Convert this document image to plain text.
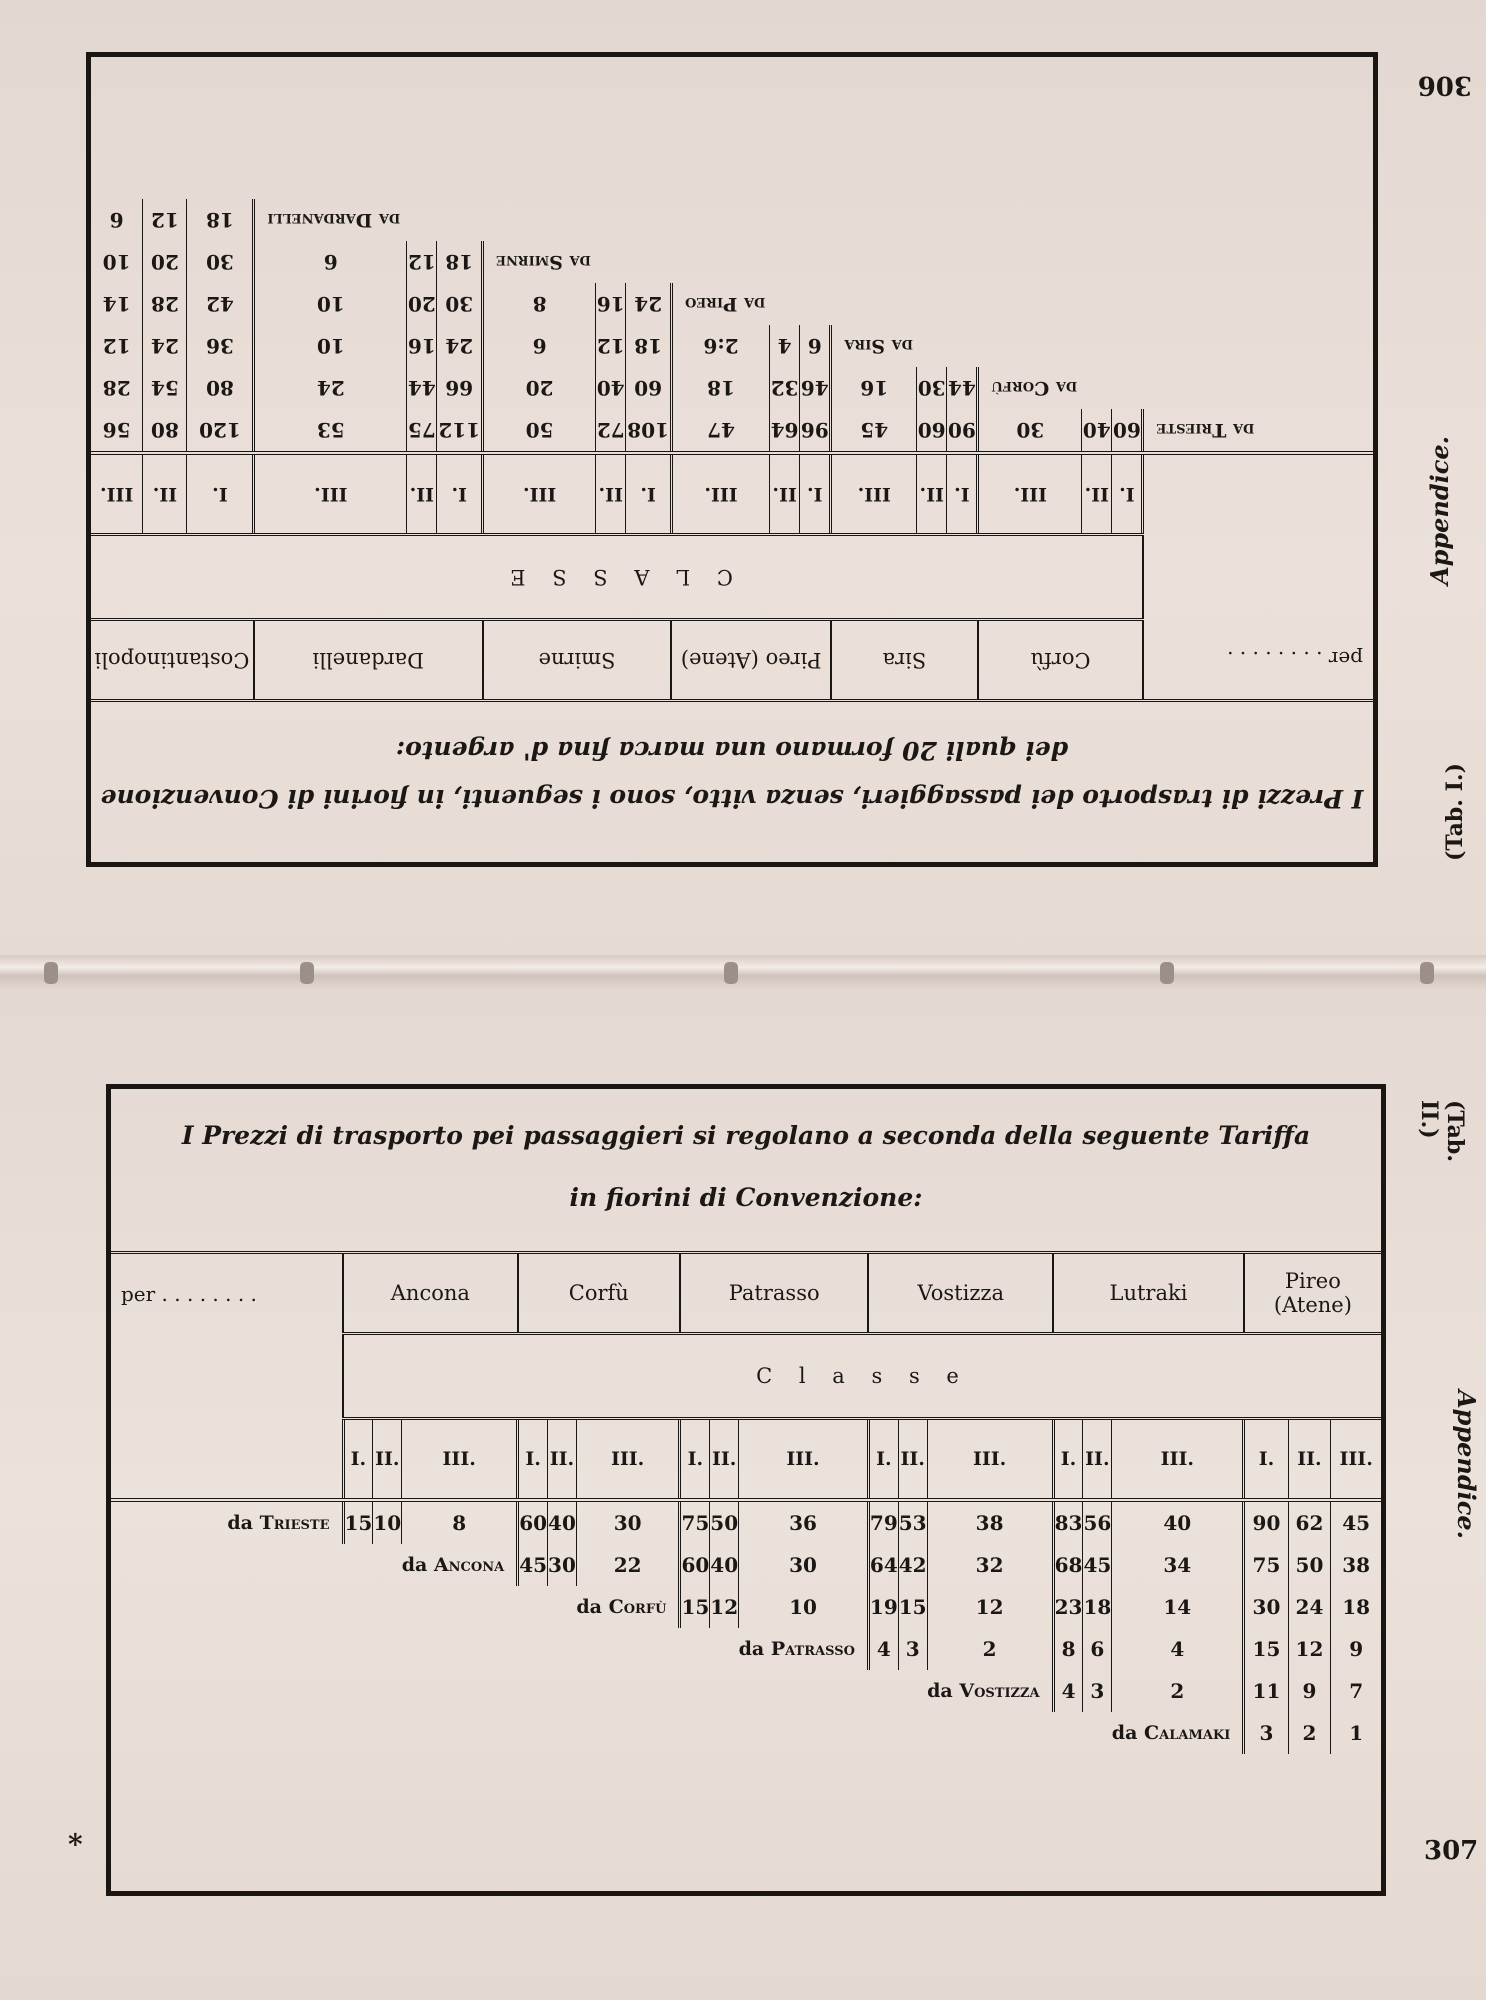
306
Appendice.
(Tab. I.)
I Prezzi di trasporto dei passaggieri, senza vitto, sono i seguenti, in fiorini di Convenzione
dei quali 20 formano una marca fina d' argento:
per . . . . . . . .	Corfù			Sira			Pireo (Atene)			Smirne			Dardanelli			Costantinopoli		
	C L A S S E																	
	I.	II.	III.	I.	II.	III.	I.	II.	III.	I.	II.	III.	I.	II.	III.	I.	II.	III.

da Trieste	60	40	30	90	60	45	96	64	47	108	72	50	112	75	53	120	80	56
			da Corfù	44	30	16	46	32	18	60	40	20	66	44	24	80	54	28
						da Sira	6	4	2:6	18	12	6	24	16	10	36	24	12
									da Pireo	24	16	8	30	20	10	42	28	14
												da Smirne	18	12	6	30	20	10
															da Dardanelli	18	12	6
307
Appendice.
(Tab. II.)
*
I Prezzi di trasporto pei passaggieri si regolano a seconda della seguente Tariffa
in fiorini di Convenzione:
per . . . . . . . .	Ancona			Corfù			Patrasso			Vostizza			Lutraki			Pireo (Atene)		
	C l a s s e																	
	I.	II.	III.	I.	II.	III.	I.	II.	III.	I.	II.	III.	I.	II.	III.	I.	II.	III.

da Trieste	15	10	8	60	40	30	75	50	36	79	53	38	83	56	40	90	62	45
			da Ancona	45	30	22	60	40	30	64	42	32	68	45	34	75	50	38
						da Corfù	15	12	10	19	15	12	23	18	14	30	24	18
									da Patrasso	4	3	2	8	6	4	15	12	9
												da Vostizza	4	3	2	11	9	7
															da Calamaki	3	2	1
